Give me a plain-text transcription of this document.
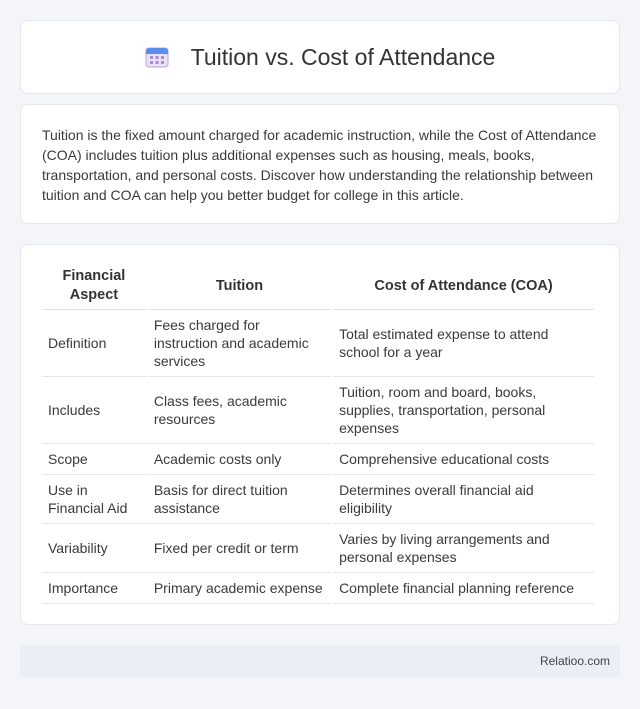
Tuition vs. Cost of Attendance

Tuition is the fixed amount charged for academic instruction, while the Cost of Attendance (COA) includes tuition plus additional expenses such as housing, meals, books, transportation, and personal costs. Discover how understanding the relationship between tuition and COA can help you better budget for college in this article.

Financial Aspect	Tuition	Cost of Attendance (COA)
Definition	Fees charged for instruction and academic services	Total estimated expense to attend school for a year
Includes	Class fees, academic resources	Tuition, room and board, books, supplies, transportation, personal expenses
Scope	Academic costs only	Comprehensive educational costs
Use in Financial Aid	Basis for direct tuition assistance	Determines overall financial aid eligibility
Variability	Fixed per credit or term	Varies by living arrangements and personal expenses
Importance	Primary academic expense	Complete financial planning reference
Relatioo.com
